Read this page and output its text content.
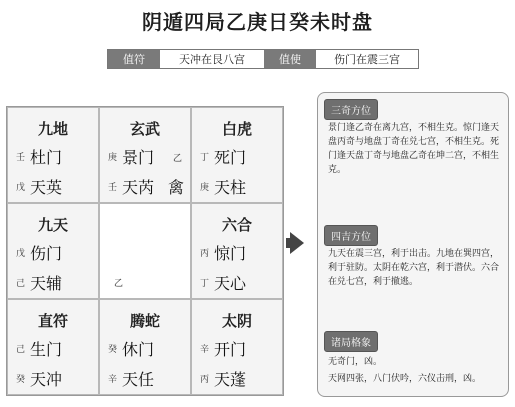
阴遁四局乙庚日癸未时盘
值符	天冲在艮八宫	值使	伤门在震三宫
九地
壬 杜门
戊 天英
玄武
庚 景门 乙
壬 天芮 禽
白虎
丁 死门
庚 天柱
九天
戊 伤门
己 天辅	乙
六合
丙 惊门
丁 天心
直符
己 生门
癸 天冲
腾蛇
癸 休门
辛 天任
太阴
辛 开门
丙 天蓬
三奇方位
景门逢乙奇在离九宫，不相生克。惊门逢天盘丙奇与地盘丁奇在兑七宫，不相生克。死门逢天盘丁奇与地盘乙奇在坤二宫，不相生克。
四吉方位
九天在震三宫，利于出击。九地在巽四宫，利于驻防。太阴在乾六宫，利于潜伏。六合在兑七宫，利于撤逃。
诸局格象
无奇门，凶。
天网四张，八门伏吟，六仪击刑，凶。
